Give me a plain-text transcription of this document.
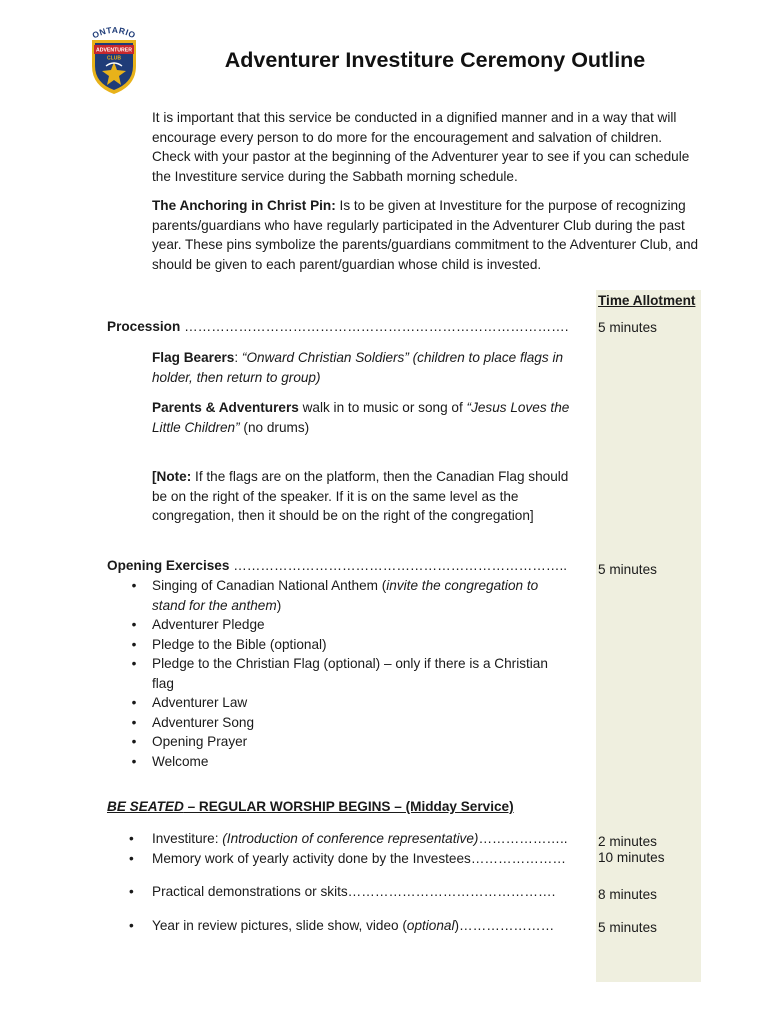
ONTARIO
ADVENTURER
CLUB	Adventurer Investiture Ceremony Outline
It is important that this service be conducted in a dignified manner and in a way that will encourage every person to do more for the encouragement and salvation of children. Check with your pastor at the beginning of the Adventurer year to see if you can schedule the Investiture service during the Sabbath morning schedule.
The Anchoring in Christ Pin: Is to be given at Investiture for the purpose of recognizing parents/guardians who have regularly participated in the Adventurer Club during the past year. These pins symbolize the parents/guardians commitment to the Adventurer Club, and should be given to each parent/guardian whose child is invested.
Time Allotment
Procession ………………………………………………………………………….	5 minutes
Flag Bearers: “Onward Christian Soldiers” (children to place flags in holder, then return to group)
Parents & Adventurers walk in to music or song of “Jesus Loves the Little Children” (no drums)
[Note: If the flags are on the platform, then the Canadian Flag should be on the right of the speaker. If it is on the same level as the congregation, then it should be on the right of the congregation]
Opening Exercises ………………………………………………………………..	5 minutes
• Singing of Canadian National Anthem (invite the congregation to stand for the anthem)
• Adventurer Pledge
• Pledge to the Bible (optional)
• Pledge to the Christian Flag (optional) – only if there is a Christian flag
• Adventurer Law
• Adventurer Song
• Opening Prayer
• Welcome
BE SEATED – REGULAR WORSHIP BEGINS – (Midday Service)
• Investiture: (Introduction of conference representative)………………..	2 minutes
• Memory work of yearly activity done by the Investees…………………	10 minutes
• Practical demonstrations or skits……………………………………….	8 minutes
• Year in review pictures, slide show, video (optional)…………………	5 minutes
